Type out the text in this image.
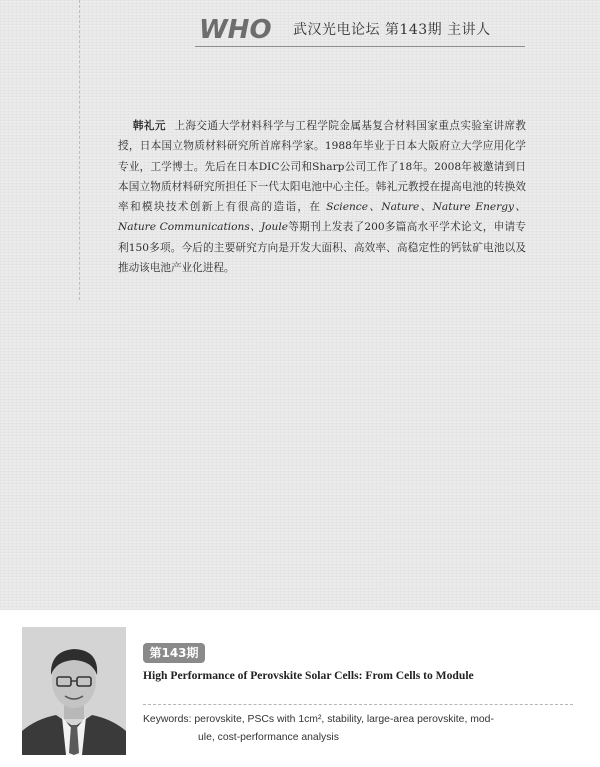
WHO 武汉光电论坛 第143期 主讲人

韩礼元 上海交通大学材料科学与工程学院金属基复合材料国家重点实验室讲席教授，日本国立物质材料研究所首席科学家。1988年毕业于日本大阪府立大学应用化学专业，工学博士。先后在日本DIC公司和Sharp公司工作了18年。2008年被邀请到日本国立物质材料研究所担任下一代太阳电池中心主任。韩礼元教授在提高电池的转换效率和模块技术创新上有很高的造诣，在 Science、Nature、Nature Energy、Nature Communications、Joule等期刊上发表了200多篇高水平学术论文，申请专利150多项。今后的主要研究方向是开发大面积、高效率、高稳定性的钙钛矿电池以及推动该电池产业化进程。

第143期

High Performance of Perovskite Solar Cells: From Cells to Module

Keywords: perovskite, PSCs with 1cm², stability, large-area perovskite, mod-
ule, cost-performance analysis
